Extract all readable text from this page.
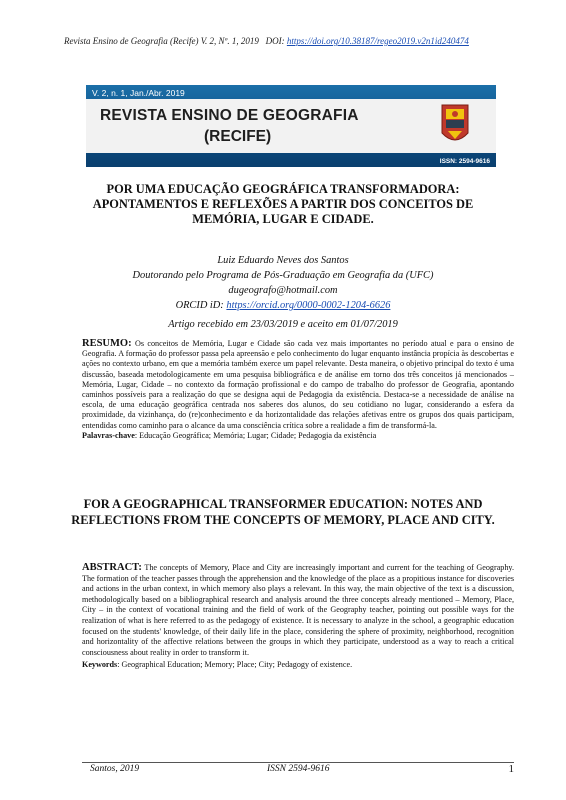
Revista Ensino de Geografia (Recife) V. 2, Nº. 1, 2019 DOI: https://doi.org/10.38187/regeo2019.v2n1id240474
V. 2, n. 1, Jan./Abr. 2019
REVISTA ENSINO DE GEOGRAFIA
(RECIFE)
ISSN: 2594-9616
POR UMA EDUCAÇÃO GEOGRÁFICA TRANSFORMADORA: APONTAMENTOS E REFLEXÕES A PARTIR DOS CONCEITOS DE MEMÓRIA, LUGAR E CIDADE.
Luiz Eduardo Neves dos Santos
Doutorando pelo Programa de Pós-Graduação em Geografia da (UFC)
dugeografo@hotmail.com
ORCID iD: https://orcid.org/0000-0002-1204-6626
Artigo recebido em 23/03/2019 e aceito em 01/07/2019
RESUMO: Os conceitos de Memória, Lugar e Cidade são cada vez mais importantes no período atual e para o ensino de Geografia. A formação do professor passa pela apreensão e pelo conhecimento do lugar enquanto instância propícia às descobertas e ações no contexto urbano, em que a memória também exerce um papel relevante. Desta maneira, o objetivo principal do texto é uma discussão, baseada metodologicamente em uma pesquisa bibliográfica e de análise em torno dos três conceitos já mencionados – Memória, Lugar, Cidade – no contexto da formação profissional e do campo de trabalho do professor de Geografia, apontando caminhos possíveis para a realização do que se designa aqui de Pedagogia da existência. Destaca-se a necessidade de análise na escola, de uma educação geográfica centrada nos saberes dos alunos, do seu cotidiano no lugar, considerando a esfera da proximidade, da vizinhança, do (re)conhecimento e da horizontalidade das relações afetivas entre os grupos dos quais participam, entendidas como caminho para o alcance da uma consciência crítica sobre a realidade a fim de transformá-la.
Palavras-chave: Educação Geográfica; Memória; Lugar; Cidade; Pedagogia da existência
FOR A GEOGRAPHICAL TRANSFORMER EDUCATION: NOTES AND REFLECTIONS FROM THE CONCEPTS OF MEMORY, PLACE AND CITY.
ABSTRACT: The concepts of Memory, Place and City are increasingly important and current for the teaching of Geography. The formation of the teacher passes through the apprehension and the knowledge of the place as a propitious instance for discoveries and actions in the urban context, in which memory also plays a relevant. In this way, the main objective of the text is a discussion, methodologically based on a bibliographical research and analysis around the three concepts already mentioned – Memory, Place, City – in the context of vocational training and the field of work of the Geography teacher, pointing out possible ways for the realization of what is here referred to as the pedagogy of existence. It is necessary to analyze in the school, a geographic education focused on the students' knowledge, of their daily life in the place, considering the sphere of proximity, neighborhood, recognition and horizontality of the affective relations between the groups in which they participate, understood as a way to reach a critical consciousness about reality in order to transform it.
Keywords: Geographical Education; Memory; Place; City; Pedagogy of existence.
Santos, 2019	ISSN 2594-9616	1
